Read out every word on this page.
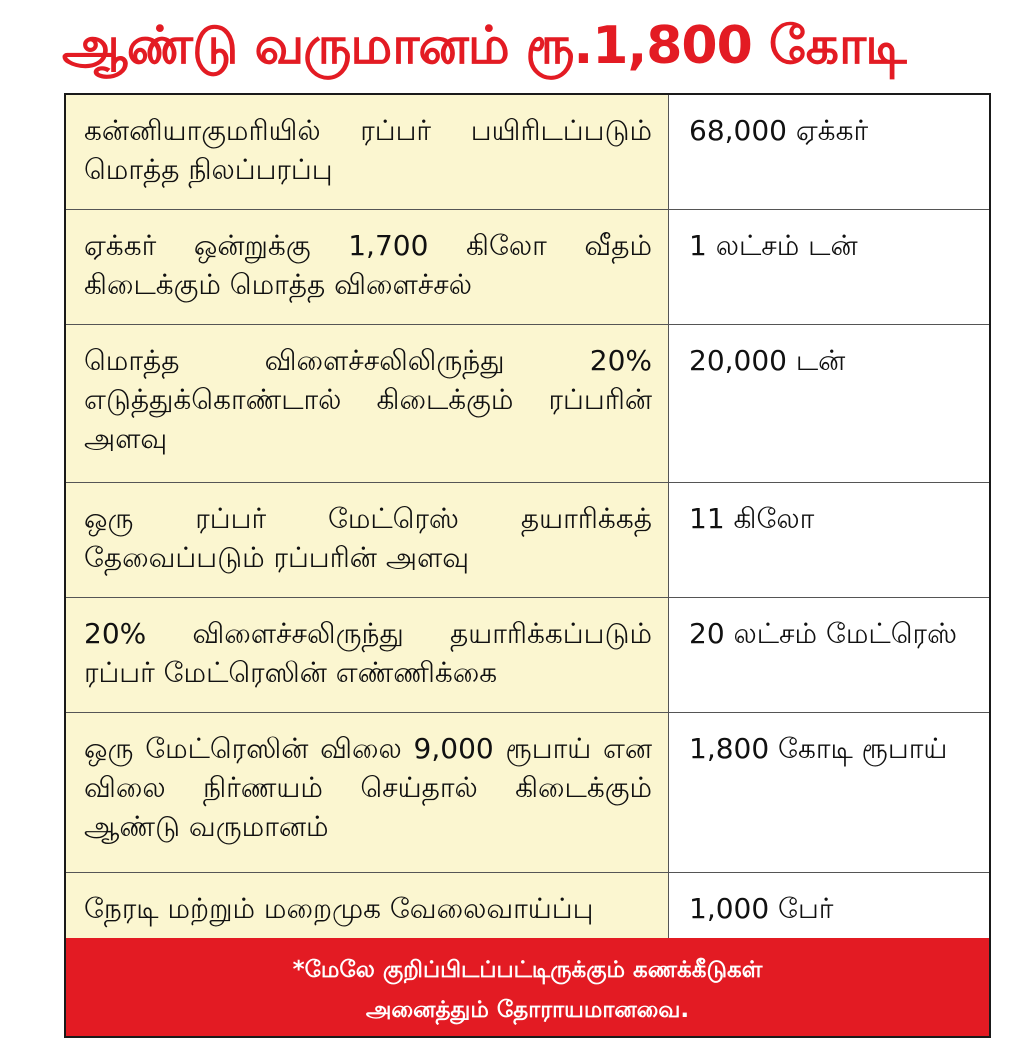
ஆண்டு வருமானம் ரூ.1,800 கோடி
கன்னியாகுமரியில் ரப்பர் பயிரிடப்படும் மொத்த நிலப்பரப்பு
68,000 ஏக்கர்
ஏக்கர் ஒன்றுக்கு 1,700 கிலோ வீதம் கிடைக்கும் மொத்த விளைச்சல்
1 லட்சம் டன்
மொத்த விளைச்சலிலிருந்து 20% எடுத்துக்கொண்டால் கிடைக்கும் ரப்பரின் அளவு
20,000 டன்
ஒரு ரப்பர் மேட்ரெஸ் தயாரிக்கத் தேவைப்படும் ரப்பரின் அளவு
11 கிலோ
20% விளைச்சலிருந்து தயாரிக்கப்படும் ரப்பர் மேட்ரெஸின் எண்ணிக்கை
20 லட்சம் மேட்ரெஸ்
ஒரு மேட்ரெஸின் விலை 9,000 ரூபாய் என விலை நிர்ணயம் செய்தால் கிடைக்கும் ஆண்டு வருமானம்
1,800 கோடி ரூபாய்
நேரடி மற்றும் மறைமுக வேலைவாய்ப்பு	1,000 பேர்
*மேலே குறிப்பிடப்பட்டிருக்கும் கணக்கீடுகள்
அனைத்தும் தோராயமானவை.
